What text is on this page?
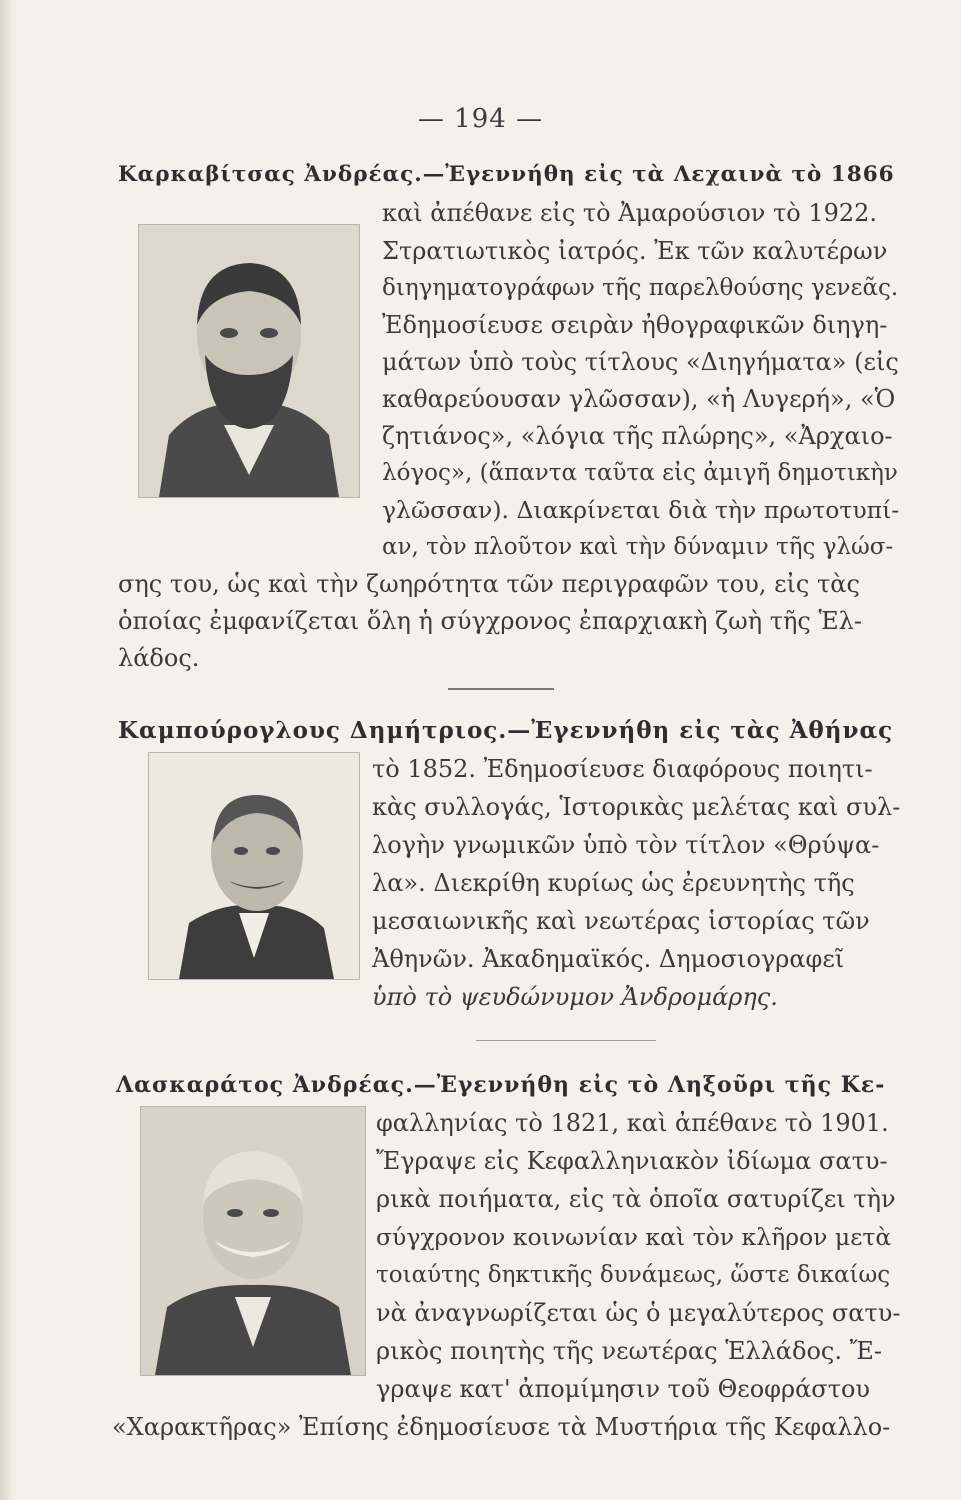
— 194 —
Καρκαβίτσας Ἀνδρέας.—Ἐγεννήθη εἰς τὰ Λεχαινὰ τὸ 1866
καὶ ἀπέθανε εἰς τὸ Ἀμαρούσιον τὸ 1922.
Στρατιωτικὸς ἰατρός. Ἐκ τῶν καλυτέρων
διηγηματογράφων τῆς παρελθούσης γενεᾶς.
Ἐδημοσίευσε σειρὰν ἠθογραφικῶν διηγη-
μάτων ὑπὸ τοὺς τίτλους «Διηγήματα» (εἰς
καθαρεύουσαν γλῶσσαν), «ἡ Λυγερή», «Ὁ
ζητιάνος», «λόγια τῆς πλώρης», «Ἀρχαιο-
λόγος», (ἅπαντα ταῦτα εἰς ἀμιγῆ δημοτικὴν
γλῶσσαν). Διακρίνεται διὰ τὴν πρωτοτυπί-
αν, τὸν πλοῦτον καὶ τὴν δύναμιν τῆς γλώσ-
σης του, ὡς καὶ τὴν ζωηρότητα τῶν περιγραφῶν του, εἰς τὰς
ὁποίας ἐμφανίζεται ὅλη ἡ σύγχρονος ἐπαρχιακὴ ζωὴ τῆς Ἑλ-
λάδος.
Καμπούρογλους Δημήτριος.—Ἐγεννήθη εἰς τὰς Ἀθήνας
τὸ 1852. Ἐδημοσίευσε διαφόρους ποιητι-
κὰς συλλογάς, Ἱστορικὰς μελέτας καὶ συλ-
λογὴν γνωμικῶν ὑπὸ τὸν τίτλον «Θρύψα-
λα». Διεκρίθη κυρίως ὡς ἐρευνητὴς τῆς
μεσαιωνικῆς καὶ νεωτέρας ἱστορίας τῶν
Ἀθηνῶν. Ἀκαδημαϊκός. Δημοσιογραφεῖ
ὑπὸ τὸ ψευδώνυμον Ἀνδρομάρης.
Λασκαράτος Ἀνδρέας.—Ἐγεννήθη εἰς τὸ Ληξοῦρι τῆς Κε-
φαλληνίας τὸ 1821, καὶ ἀπέθανε τὸ 1901.
Ἔγραψε εἰς Κεφαλληνιακὸν ἰδίωμα σατυ-
ρικὰ ποιήματα, εἰς τὰ ὁποῖα σατυρίζει τὴν
σύγχρονον κοινωνίαν καὶ τὸν κλῆρον μετὰ
τοιαύτης δηκτικῆς δυνάμεως, ὥστε δικαίως
νὰ ἀναγνωρίζεται ὡς ὁ μεγαλύτερος σατυ-
ρικὸς ποιητὴς τῆς νεωτέρας Ἑλλάδος. Ἔ-
γραψε κατ' ἀπομίμησιν τοῦ Θεοφράστου
«Χαρακτῆρας» Ἐπίσης ἐδημοσίευσε τὰ Μυστήρια τῆς Κεφαλλο-
